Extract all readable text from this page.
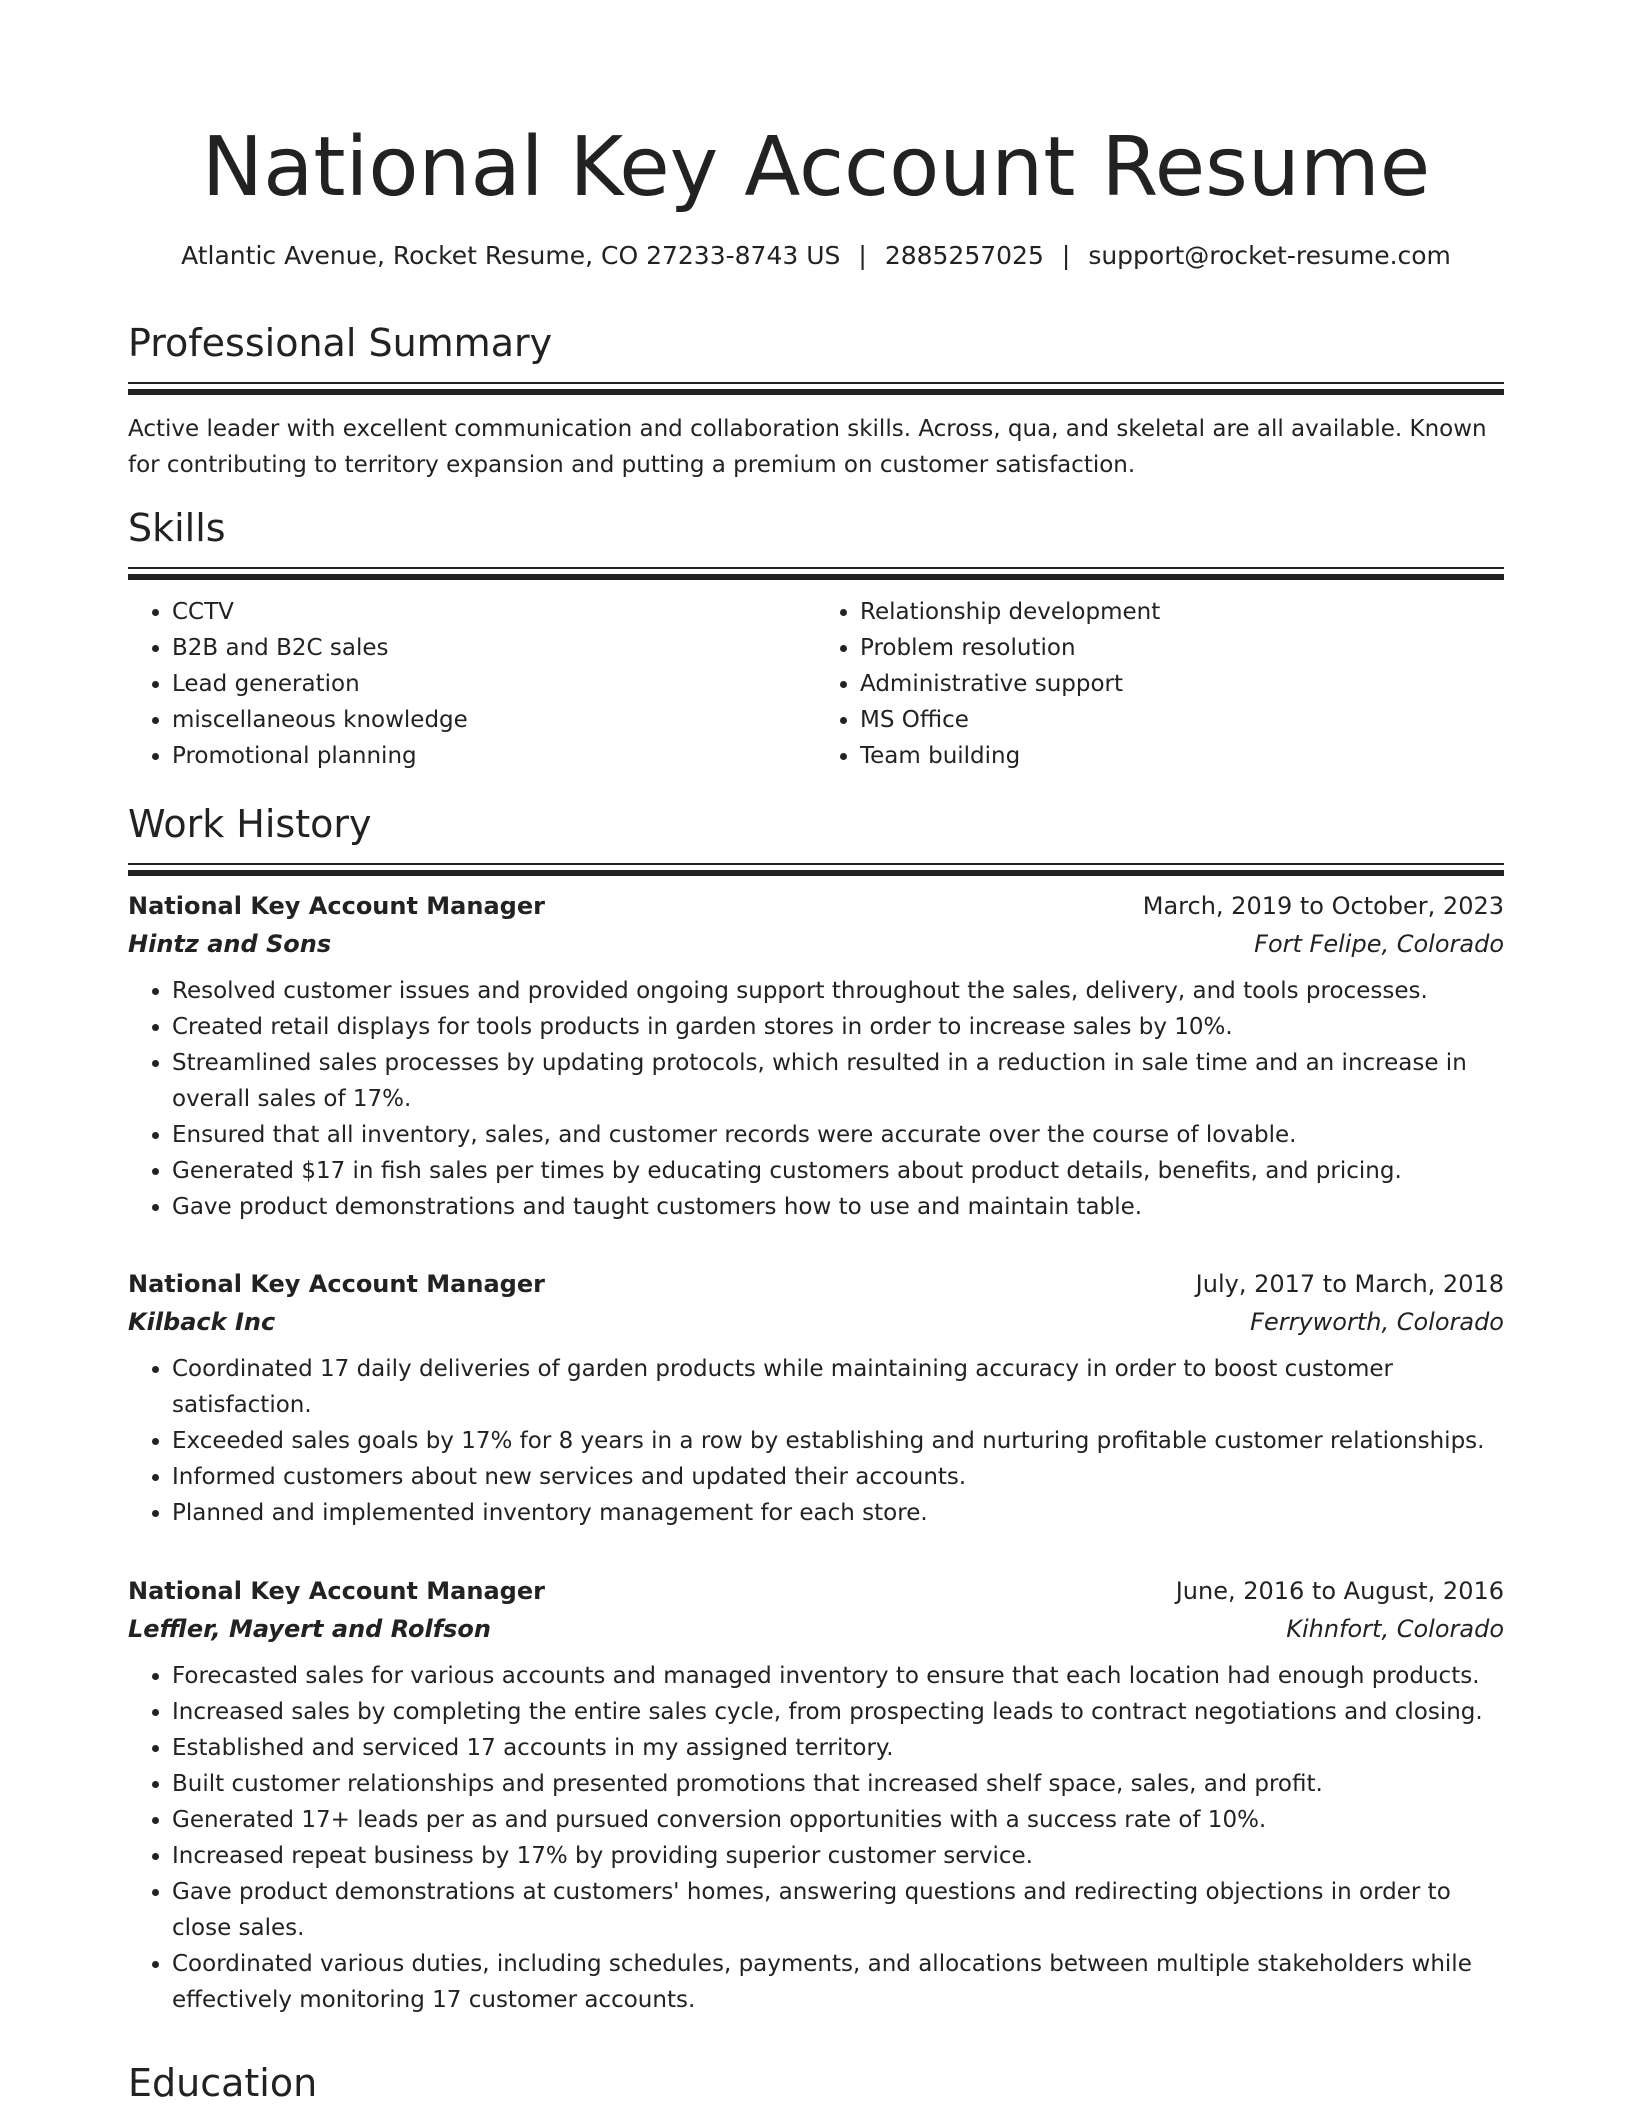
National Key Account Resume
Atlantic Avenue, Rocket Resume, CO 27233-8743 US | 2885257025 | support@rocket-resume.com
Professional Summary
Active leader with excellent communication and collaboration skills. Across, qua, and skeletal are all available. Known for contributing to territory expansion and putting a premium on customer satisfaction.
Skills
• CCTV
• B2B and B2C sales
• Lead generation
• miscellaneous knowledge
• Promotional planning
• Relationship development
• Problem resolution
• Administrative support
• MS Office
• Team building
Work History
National Key Account Manager	March, 2019 to October, 2023
Hintz and Sons	Fort Felipe, Colorado
• Resolved customer issues and provided ongoing support throughout the sales, delivery, and tools processes.
• Created retail displays for tools products in garden stores in order to increase sales by 10%.
• Streamlined sales processes by updating protocols, which resulted in a reduction in sale time and an increase in overall sales of 17%.
• Ensured that all inventory, sales, and customer records were accurate over the course of lovable.
• Generated $17 in fish sales per times by educating customers about product details, benefits, and pricing.
• Gave product demonstrations and taught customers how to use and maintain table.
National Key Account Manager	July, 2017 to March, 2018
Kilback Inc	Ferryworth, Colorado
• Coordinated 17 daily deliveries of garden products while maintaining accuracy in order to boost customer satisfaction.
• Exceeded sales goals by 17% for 8 years in a row by establishing and nurturing profitable customer relationships.
• Informed customers about new services and updated their accounts.
• Planned and implemented inventory management for each store.
National Key Account Manager	June, 2016 to August, 2016
Leffler, Mayert and Rolfson	Kihnfort, Colorado
• Forecasted sales for various accounts and managed inventory to ensure that each location had enough products.
• Increased sales by completing the entire sales cycle, from prospecting leads to contract negotiations and closing.
• Established and serviced 17 accounts in my assigned territory.
• Built customer relationships and presented promotions that increased shelf space, sales, and profit.
• Generated 17+ leads per as and pursued conversion opportunities with a success rate of 10%.
• Increased repeat business by 17% by providing superior customer service.
• Gave product demonstrations at customers' homes, answering questions and redirecting objections in order to close sales.
• Coordinated various duties, including schedules, payments, and allocations between multiple stakeholders while effectively monitoring 17 customer accounts.
Education
